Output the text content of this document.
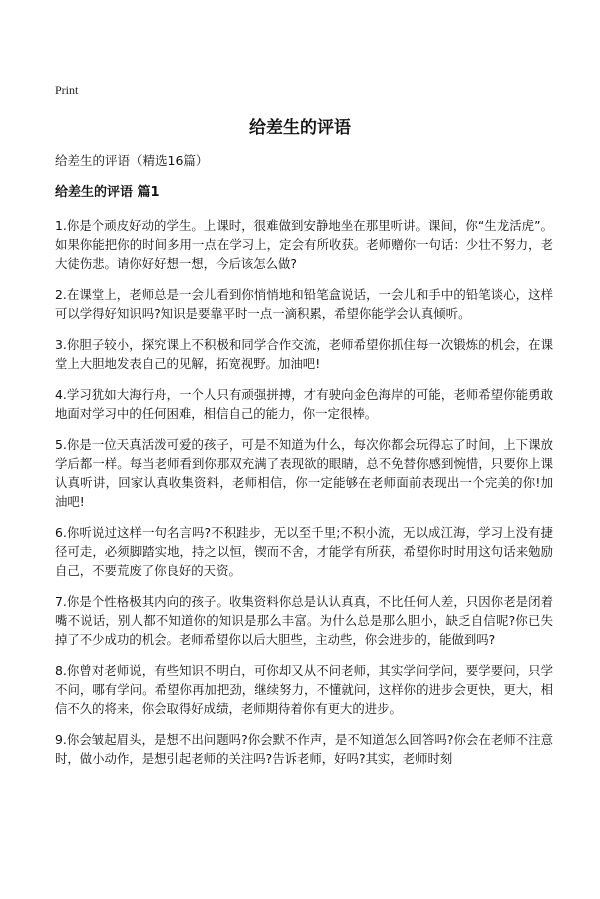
Print
给差生的评语
给差生的评语（精选16篇）
给差生的评语 篇1

1.你是个顽皮好动的学生。上课时，很难做到安静地坐在那里听讲。课间，你“生龙活虎”。如果你能把你的时间多用一点在学习上，定会有所收获。老师赠你一句话：少壮不努力，老大徒伤悲。请你好好想一想，今后该怎么做?

2.在课堂上，老师总是一会儿看到你悄悄地和铅笔盒说话，一会儿和手中的铅笔谈心，这样可以学得好知识吗?知识是要靠平时一点一滴积累，希望你能学会认真倾听。

3.你胆子较小，探究课上不积极和同学合作交流，老师希望你抓住每一次锻炼的机会，在课堂上大胆地发表自己的见解，拓宽视野。加油吧!

4.学习犹如大海行舟，一个人只有顽强拼搏，才有驶向金色海岸的可能，老师希望你能勇敢地面对学习中的任何困难，相信自己的能力，你一定很棒。

5.你是一位天真活泼可爱的孩子，可是不知道为什么，每次你都会玩得忘了时间，上下课放学后都一样。每当老师看到你那双充满了表现欲的眼睛，总不免替你感到惋惜，只要你上课认真听讲，回家认真收集资料，老师相信，你一定能够在老师面前表现出一个完美的你!加油吧!

6.你听说过这样一句名言吗?不积跬步，无以至千里;不积小流，无以成江海，学习上没有捷径可走，必须脚踏实地，持之以恒，锲而不舍，才能学有所获，希望你时时用这句话来勉励自己，不要荒废了你良好的天资。

7.你是个性格极其内向的孩子。收集资料你总是认认真真，不比任何人差，只因你老是闭着嘴不说话，别人都不知道你的知识是那么丰富。为什么总是那么胆小，缺乏自信呢?你已失掉了不少成功的机会。老师希望你以后大胆些，主动些，你会进步的，能做到吗?

8.你曾对老师说，有些知识不明白，可你却又从不问老师，其实学问学问，要学要问，只学不问，哪有学问。希望你再加把劲，继续努力，不懂就问，这样你的进步会更快，更大，相信不久的将来，你会取得好成绩，老师期待着你有更大的进步。

9.你会皱起眉头，是想不出问题吗?你会默不作声，是不知道怎么回答吗?你会在老师不注意时，做小动作，是想引起老师的关注吗?告诉老师，好吗?其实，老师时刻
